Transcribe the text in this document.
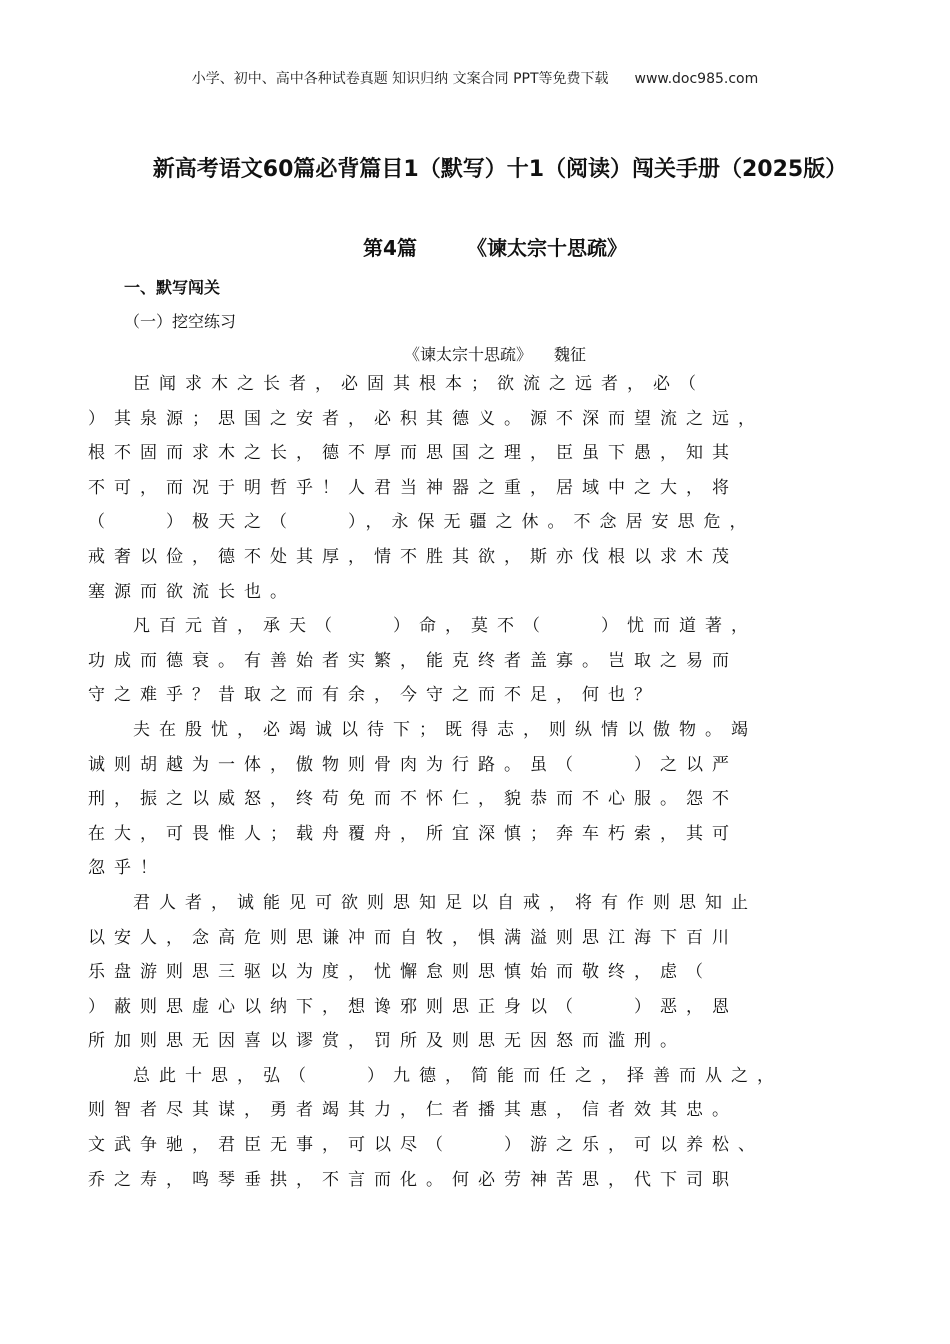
小学、初中、高中各种试卷真题 知识归纳 文案合同 PPT等免费下载 www.doc985.com
新高考语文60篇必背篇目1（默写）十1（阅读）闯关手册（2025版）
第4篇	《谏太宗十思疏》
一、默写闯关
（一）挖空练习
《谏太宗十思疏》 魏征
臣闻求木之长者，必固其根本；欲流之远者，必（
）其泉源；思国之安者，必积其德义。源不深而望流之远，
根不固而求木之长，德不厚而思国之理，臣虽下愚，知其
不可，而况于明哲乎！人君当神器之重，居域中之大，将
（　　）极天之（　　），永保无疆之休。不念居安思危，
戒奢以俭，德不处其厚，情不胜其欲，斯亦伐根以求木茂
塞源而欲流长也。
凡百元首，承天（　　）命，莫不（　　）忧而道著，
功成而德衰。有善始者实繁，能克终者盖寡。岂取之易而
守之难乎？昔取之而有余，今守之而不足，何也？
夫在殷忧，必竭诚以待下；既得志，则纵情以傲物。竭
诚则胡越为一体，傲物则骨肉为行路。虽（　　）之以严
刑，振之以威怒，终苟免而不怀仁，貌恭而不心服。怨不
在大，可畏惟人；载舟覆舟，所宜深慎；奔车朽索，其可
忽乎！
君人者，诚能见可欲则思知足以自戒，将有作则思知止
以安人，念高危则思谦冲而自牧，惧满溢则思江海下百川
乐盘游则思三驱以为度，忧懈怠则思慎始而敬终，虑（
）蔽则思虚心以纳下，想谗邪则思正身以（　　）恶，恩
所加则思无因喜以谬赏，罚所及则思无因怒而滥刑。
总此十思，弘（　　）九德，简能而任之，择善而从之，
则智者尽其谋，勇者竭其力，仁者播其惠，信者效其忠。
文武争驰，君臣无事，可以尽（　　）游之乐，可以养松、
乔之寿，鸣琴垂拱，不言而化。何必劳神苦思，代下司职
